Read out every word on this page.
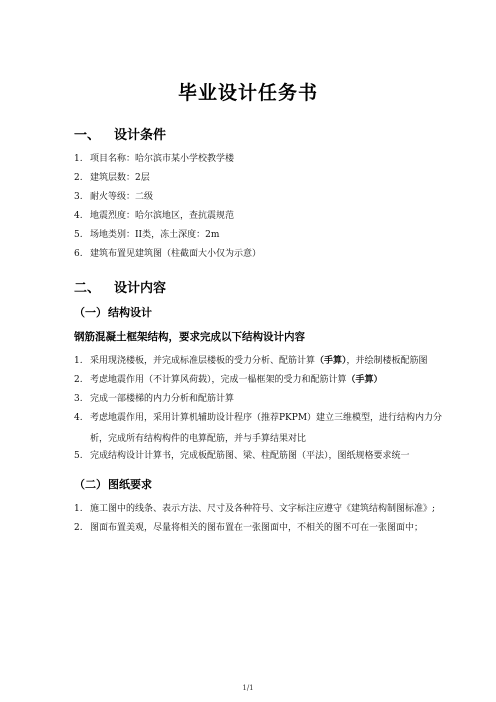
毕业设计任务书
一、 设计条件
1. 项目名称：哈尔滨市某小学校教学楼
2. 建筑层数：2层
3. 耐火等级：二级
4. 地震烈度：哈尔滨地区，查抗震规范
5. 场地类别：II类，冻土深度：2m
6. 建筑布置见建筑图（柱截面大小仅为示意）
二、 设计内容
（一）结构设计
钢筋混凝土框架结构，要求完成以下结构设计内容
1. 采用现浇楼板，并完成标准层楼板的受力分析、配筋计算（手算），并绘制楼板配筋图
2. 考虑地震作用（不计算风荷载），完成一榀框架的受力和配筋计算（手算）
3. 完成一部楼梯的内力分析和配筋计算
4. 考虑地震作用，采用计算机辅助设计程序（推荐PKPM）建立三维模型，进行结构内力分
析，完成所有结构构件的电算配筋，并与手算结果对比
5. 完成结构设计计算书，完成板配筋图、梁、柱配筋图（平法），图纸规格要求统一
（二）图纸要求
1. 施工图中的线条、表示方法、尺寸及各种符号、文字标注应遵守《建筑结构制图标准》;
2. 图面布置美观，尽量将相关的图布置在一张图面中，不相关的图不可在一张图面中；
1/1
